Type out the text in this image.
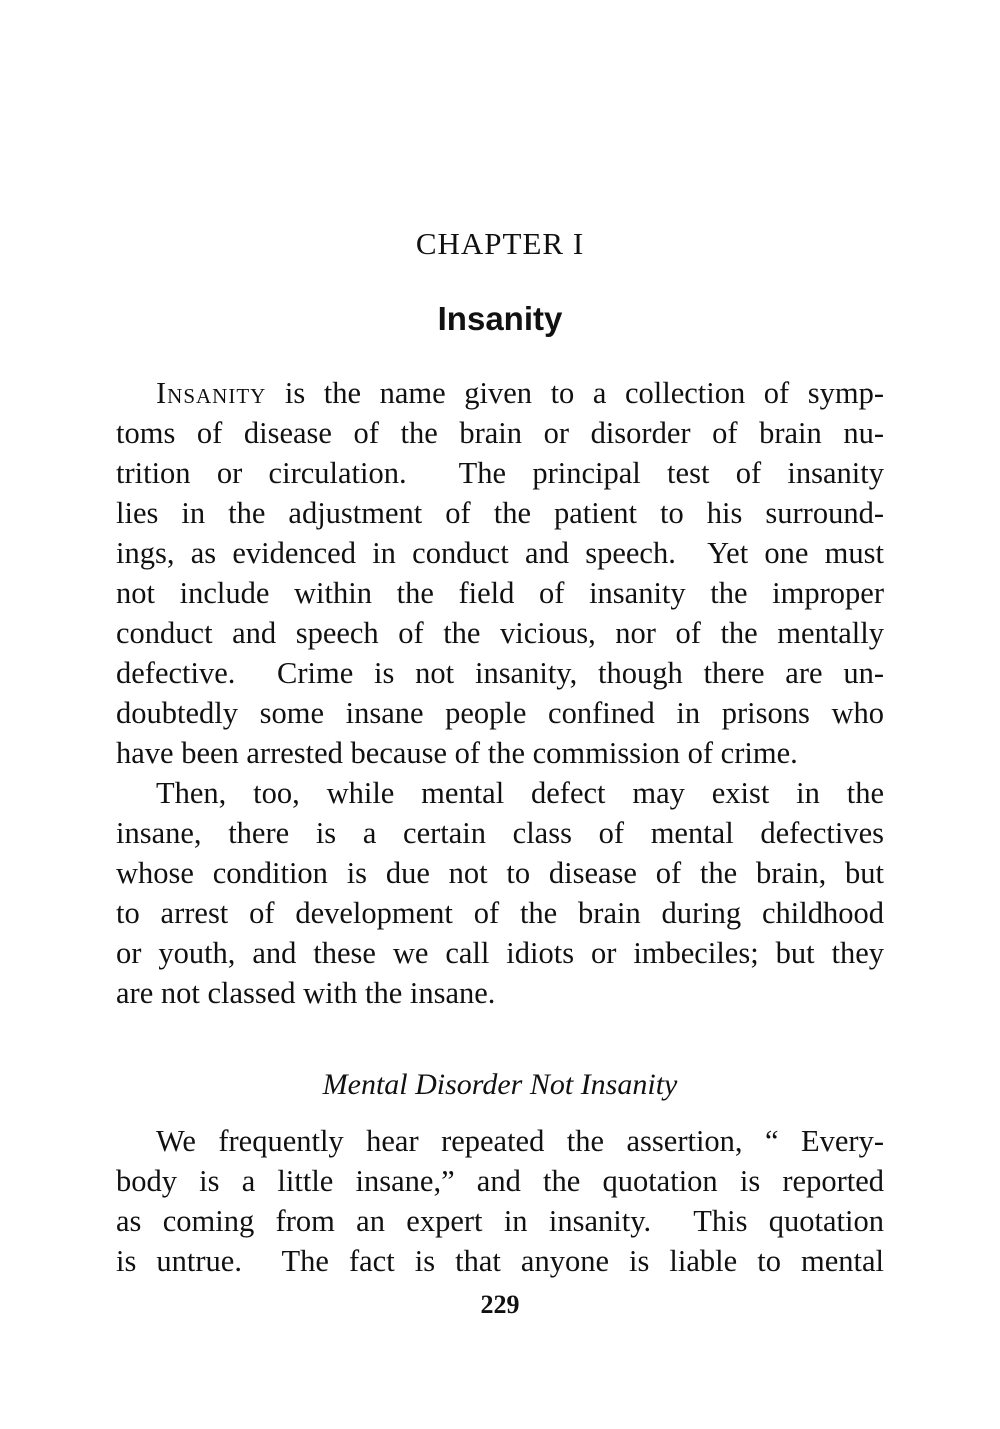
CHAPTER I
Insanity
Insanity is the name given to a collection of symp-
toms of disease of the brain or disorder of brain nu-
trition or circulation.  The principal test of insanity
lies in the adjustment of the patient to his surround-
ings, as evidenced in conduct and speech.  Yet one must
not include within the field of insanity the improper
conduct and speech of the vicious, nor of the mentally
defective.  Crime is not insanity, though there are un-
doubtedly some insane people confined in prisons who
have been arrested because of the commission of crime.
Then, too, while mental defect may exist in the
insane, there is a certain class of mental defectives
whose condition is due not to disease of the brain, but
to arrest of development of the brain during childhood
or youth, and these we call idiots or imbeciles; but they
are not classed with the insane.
We frequently hear repeated the assertion, “ Every-
body is a little insane,” and the quotation is reported
as coming from an expert in insanity.  This quotation
is untrue.  The fact is that anyone is liable to mental
Mental Disorder Not Insanity
229
